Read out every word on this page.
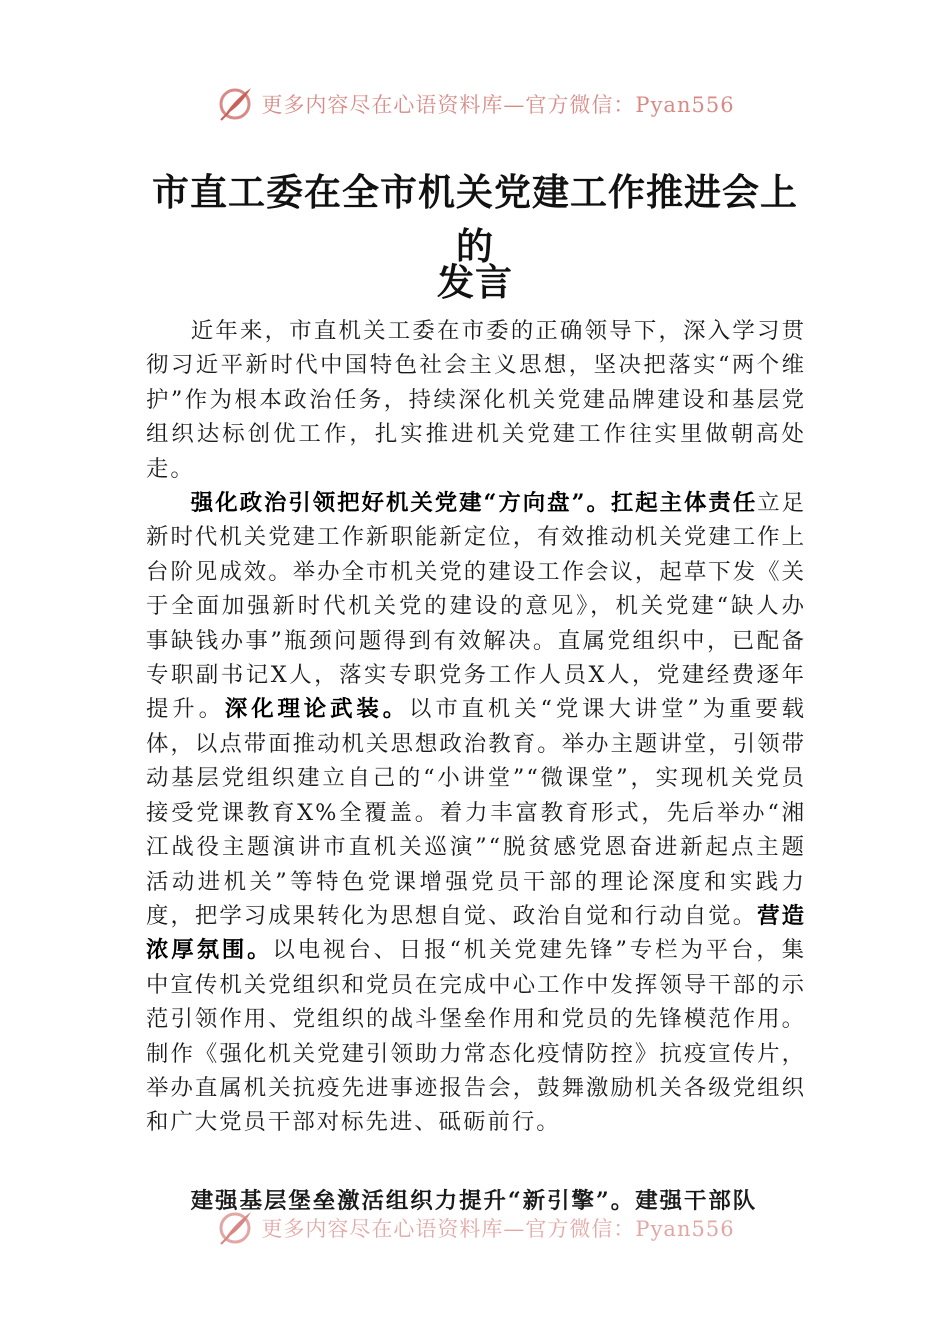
更多内容尽在心语资料库—官方微信：Pyan556
市直工委在全市机关党建工作推进会上的
发言

近年来，市直机关工委在市委的正确领导下，深入学习贯彻习近平新时代中国特色社会主义思想，坚决把落实“两个维护”作为根本政治任务，持续深化机关党建品牌建设和基层党组织达标创优工作，扎实推进机关党建工作往实里做朝高处走。

强化政治引领把好机关党建“方向盘”。扛起主体责任立足新时代机关党建工作新职能新定位，有效推动机关党建工作上台阶见成效。举办全市机关党的建设工作会议，起草下发《关于全面加强新时代机关党的建设的意见》，机关党建“缺人办事缺钱办事”瓶颈问题得到有效解决。直属党组织中，已配备专职副书记X人，落实专职党务工作人员X人，党建经费逐年提升。深化理论武装。以市直机关“党课大讲堂”为重要载体，以点带面推动机关思想政治教育。举办主题讲堂，引领带动基层党组织建立自己的“小讲堂”“微课堂”，实现机关党员接受党课教育X%全覆盖。着力丰富教育形式，先后举办“湘江战役主题演讲市直机关巡演”“脱贫感党恩奋进新起点主题活动进机关”等特色党课增强党员干部的理论深度和实践力度，把学习成果转化为思想自觉、政治自觉和行动自觉。营造浓厚氛围。以电视台、日报“机关党建先锋”专栏为平台，集中宣传机关党组织和党员在完成中心工作中发挥领导干部的示范引领作用、党组织的战斗堡垒作用和党员的先锋模范作用。制作《强化机关党建引领助力常态化疫情防控》抗疫宣传片，举办直属机关抗疫先进事迹报告会，鼓舞激励机关各级党组织和广大党员干部对标先进、砥砺前行。

建强基层堡垒激活组织力提升“新引擎”。建强干部队
更多内容尽在心语资料库—官方微信：Pyan556
